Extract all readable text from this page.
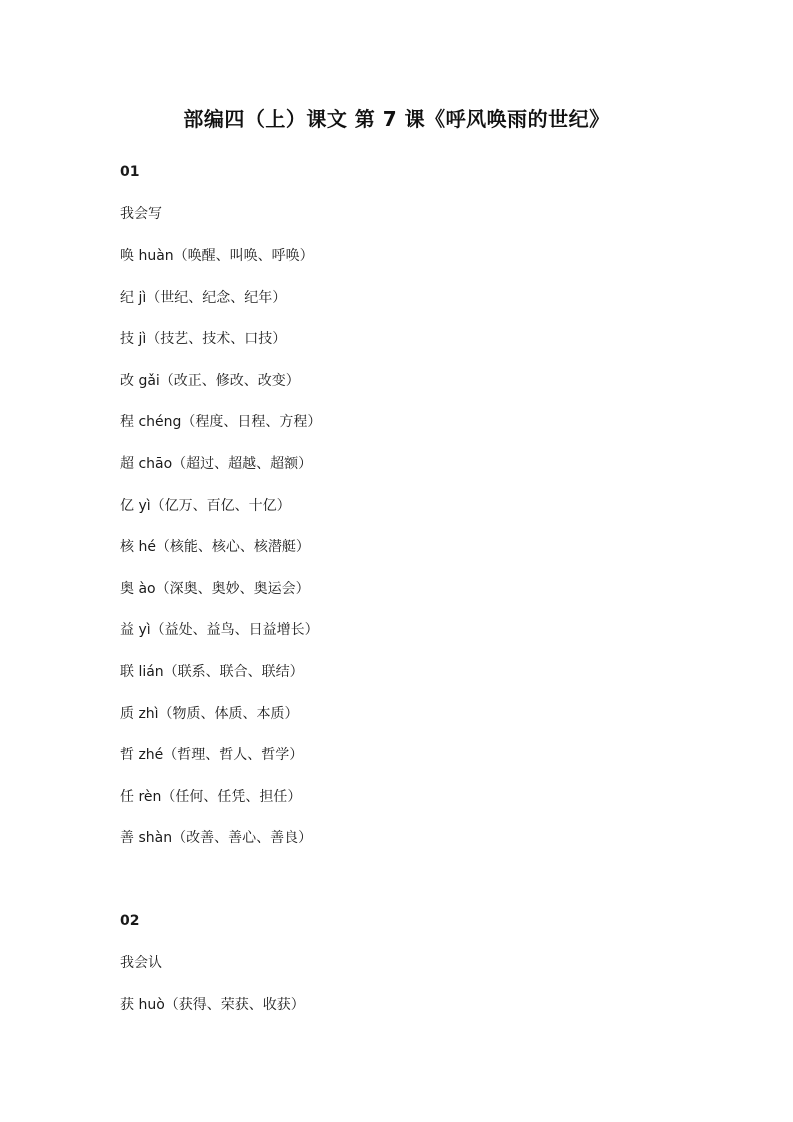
部编四（上）课文 第 7 课《呼风唤雨的世纪》
01
我会写
唤 huàn（唤醒、叫唤、呼唤）
纪 jì（世纪、纪念、纪年）
技 jì（技艺、技术、口技）
改 gǎi（改正、修改、改变）
程 chéng（程度、日程、方程）
超 chāo（超过、超越、超额）
亿 yì（亿万、百亿、十亿）
核 hé（核能、核心、核潜艇）
奥 ào（深奥、奥妙、奥运会）
益 yì（益处、益鸟、日益增长）
联 lián（联系、联合、联结）
质 zhì（物质、体质、本质）
哲 zhé（哲理、哲人、哲学）
任 rèn（任何、任凭、担任）
善 shàn（改善、善心、善良）
02
我会认
获 huò（获得、荣获、收获）
